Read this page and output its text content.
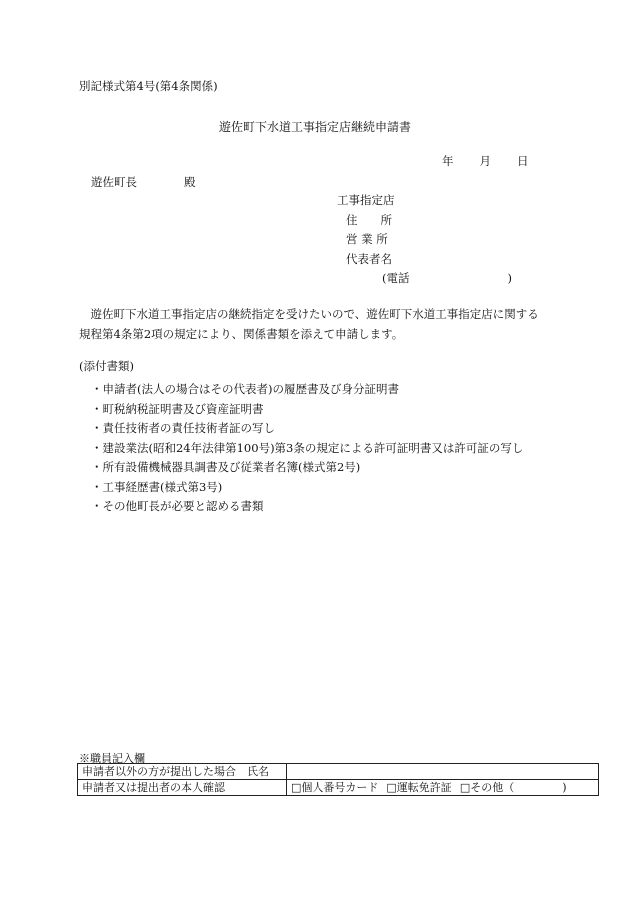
別記様式第4号(第4条関係)
遊佐町下水道工事指定店継続申請書
年 月 日
遊佐町長	殿
工事指定店
住　　所
営 業 所
代表者名
(電話	)

遊佐町下水道工事指定店の継続指定を受けたいので、遊佐町下水道工事指定店に関する

規程第4条第2項の規定により、関係書類を添えて申請します。

(添付書類)
・申請者(法人の場合はその代表者)の履歴書及び身分証明書
・町税納税証明書及び資産証明書
・責任技術者の責任技術者証の写し
・建設業法(昭和24年法律第100号)第3条の規定による許可証明書又は許可証の写し
・所有設備機械器具調書及び従業者名簿(様式第2号)
・工事経歴書(様式第3号)
・その他町長が必要と認める書類
※職員記入欄
申請者以外の方が提出した場合　氏名	
申請者又は提出者の本人確認	□個人番号カード □運転免許証 □その他（ )
